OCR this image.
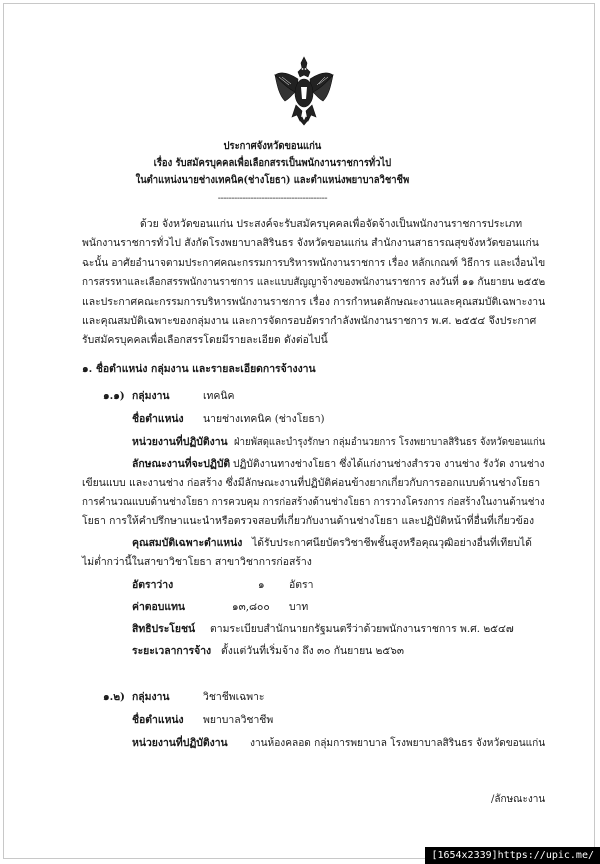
ประกาศจังหวัดขอนแก่น
เรื่อง รับสมัครบุคคลเพื่อเลือกสรรเป็นพนักงานราชการทั่วไป
ในตำแหน่งนายช่างเทคนิค(ช่างโยธา) และตำแหน่งพยาบาลวิชาชีพ
----------------------------------------
ด้วย จังหวัดขอนแก่น ประสงค์จะรับสมัครบุคคลเพื่อจัดจ้างเป็นพนักงานราชการประเภท
พนักงานราชการทั่วไป สังกัดโรงพยาบาลสิรินธร จังหวัดขอนแก่น สำนักงานสาธารณสุขจังหวัดขอนแก่น
ฉะนั้น อาศัยอำนาจตามประกาศคณะกรรมการบริหารพนักงานราชการ เรื่อง หลักเกณฑ์ วิธีการ และเงื่อนไข
การสรรหาและเลือกสรรพนักงานราชการ และแบบสัญญาจ้างของพนักงานราชการ ลงวันที่ ๑๑ กันยายน ๒๕๕๒
และประกาศคณะกรรมการบริหารพนักงานราชการ เรื่อง การกำหนดลักษณะงานและคุณสมบัติเฉพาะงาน
และคุณสมบัติเฉพาะของกลุ่มงาน และการจัดกรอบอัตรากำลังพนักงานราชการ พ.ศ. ๒๕๕๔ จึงประกาศ
รับสมัครบุคคลเพื่อเลือกสรรโดยมีรายละเอียด ดังต่อไปนี้
๑. ชื่อตำแหน่ง กลุ่มงาน และรายละเอียดการจ้างงาน
๑.๑) กลุ่มงาน	เทคนิค
ชื่อตำแหน่ง นายช่างเทคนิค (ช่างโยธา)
หน่วยงานที่ปฏิบัติงาน ฝ่ายพัสดุและบำรุงรักษา กลุ่มอำนวยการ โรงพยาบาลสิรินธร จังหวัดขอนแก่น
ลักษณะงานที่จะปฏิบัติ ปฏิบัติงานทางช่างโยธา ซึ่งได้แก่งานช่างสำรวจ งานช่าง รังวัด งานช่าง
เขียนแบบ และงานช่าง ก่อสร้าง ซึ่งมีลักษณะงานที่ปฏิบัติค่อนข้างยากเกี่ยวกับการออกแบบด้านช่างโยธา
การคำนวณแบบด้านช่างโยธา การควบคุม การก่อสร้างด้านช่างโยธา การวางโครงการ ก่อสร้างในงานด้านช่าง
โยธา การให้คำปรึกษาแนะนำหรือตรวจสอบที่เกี่ยวกับงานด้านช่างโยธา และปฏิบัติหน้าที่อื่นที่เกี่ยวข้อง
คุณสมบัติเฉพาะตำแหน่ง ได้รับประกาศนียบัตรวิชาชีพชั้นสูงหรือคุณวุฒิอย่างอื่นที่เทียบได้
ไม่ต่ำกว่านี้ในสาขาวิชาโยธา สาขาวิชาการก่อสร้าง
อัตราว่าง	๑ อัตรา
ค่าตอบแทน	๑๓,๘๐๐ บาท
สิทธิประโยชน์ ตามระเบียบสำนักนายกรัฐมนตรีว่าด้วยพนักงานราชการ พ.ศ. ๒๕๔๗
ระยะเวลาการจ้าง ตั้งแต่วันที่เริ่มจ้าง ถึง ๓๐ กันยายน ๒๕๖๓
๑.๒) กลุ่มงาน	วิชาชีพเฉพาะ
ชื่อตำแหน่ง พยาบาลวิชาชีพ
หน่วยงานที่ปฏิบัติงาน งานห้องคลอด กลุ่มการพยาบาล โรงพยาบาลสิรินธร จังหวัดขอนแก่น
/ลักษณะงาน
[1654x2339]https://upic.me/
